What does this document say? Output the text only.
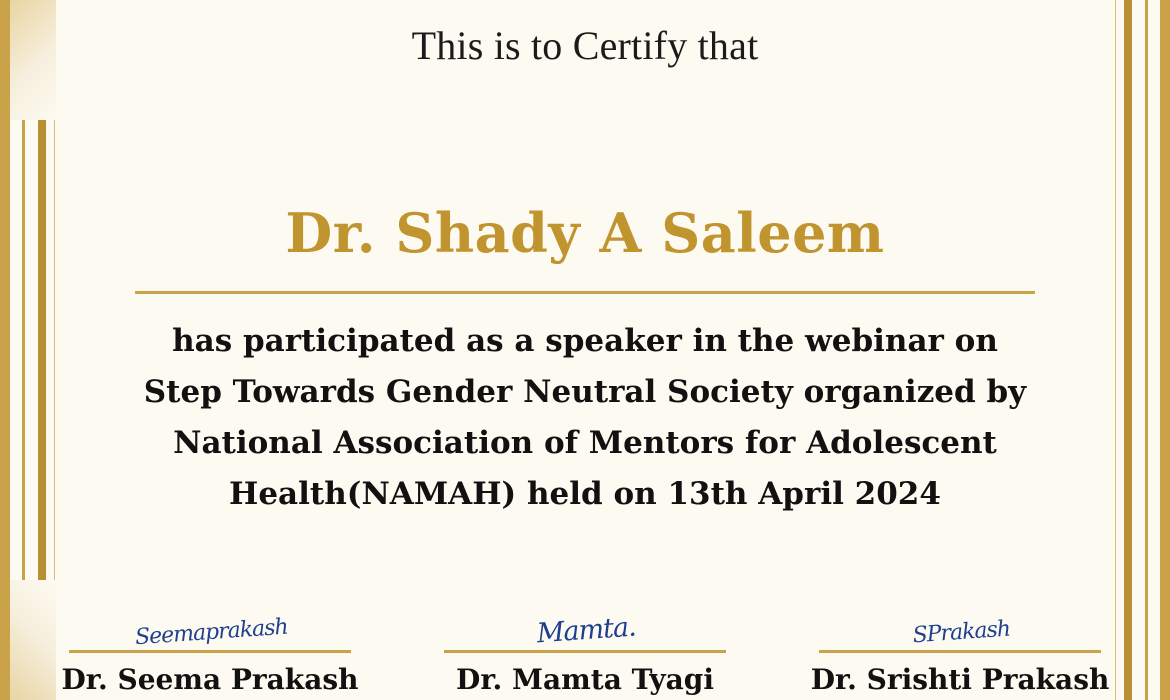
This is to Certify that
Dr. Shady A Saleem
has participated as a speaker in the webinar on
Step Towards Gender Neutral Society organized by
National Association of Mentors for Adolescent
Health(NAMAH) held on 13th April 2024
Seemaprakash
Dr. Seema Prakash
Mamta.
Dr. Mamta Tyagi
SPrakash
Dr. Srishti Prakash
